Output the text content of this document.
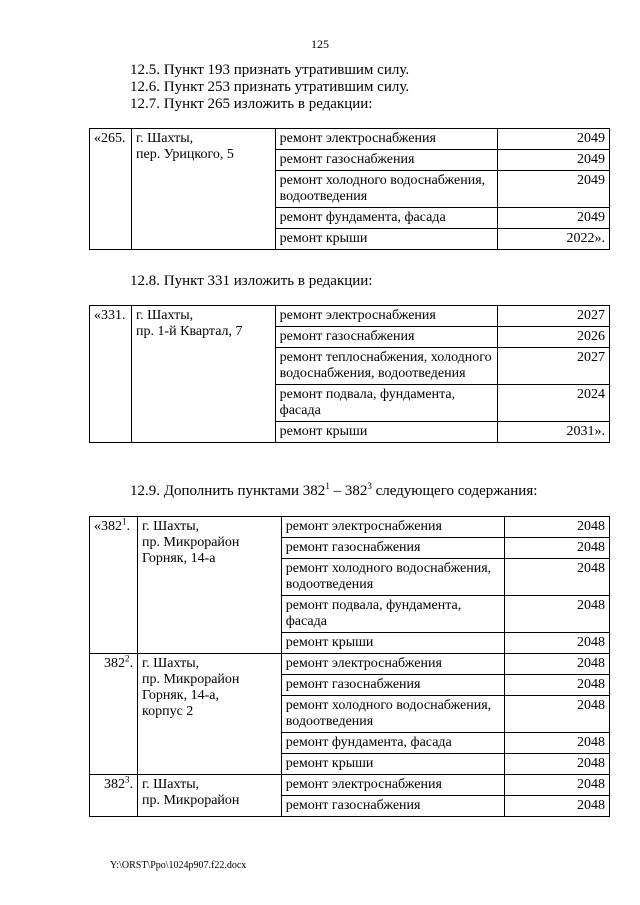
125
12.5. Пункт 193 признать утратившим силу.
12.6. Пункт 253 признать утратившим силу.
12.7. Пункт 265 изложить в редакции:
«265.	г. Шахты,
пер. Урицкого, 5	ремонт электроснабжения	2049
		ремонт газоснабжения	2049
		ремонт холодного водоснабжения, водоотведения	2049
		ремонт фундамента, фасада	2049
		ремонт крыши	2022».
12.8. Пункт 331 изложить в редакции:
«331.	г. Шахты,
пр. 1-й Квартал, 7	ремонт электроснабжения	2027
		ремонт газоснабжения	2026
		ремонт теплоснабжения, холодного водоснабжения, водоотведения	2027
		ремонт подвала, фундамента, фасада	2024
		ремонт крыши	2031».
12.9. Дополнить пунктами $382^1 - 382^3$ следующего содержания:
«$382^1$.	г. Шахты,
пр. Микрорайон
Горняк, 14-а	ремонт электроснабжения	2048
		ремонт газоснабжения	2048
		ремонт холодного водоснабжения, водоотведения	2048
		ремонт подвала, фундамента, фасада	2048
		ремонт крыши	2048
$382^2$.	г. Шахты,
пр. Микрорайон
Горняк, 14-а,
корпус 2	ремонт электроснабжения	2048
		ремонт газоснабжения	2048
		ремонт холодного водоснабжения, водоотведения	2048
		ремонт фундамента, фасада	2048
		ремонт крыши	2048
$382^3$.	г. Шахты,
пр. Микрорайон	ремонт электроснабжения	2048
		ремонт газоснабжения	2048
Y:\ORST\Ppo\1024p907.f22.docx
